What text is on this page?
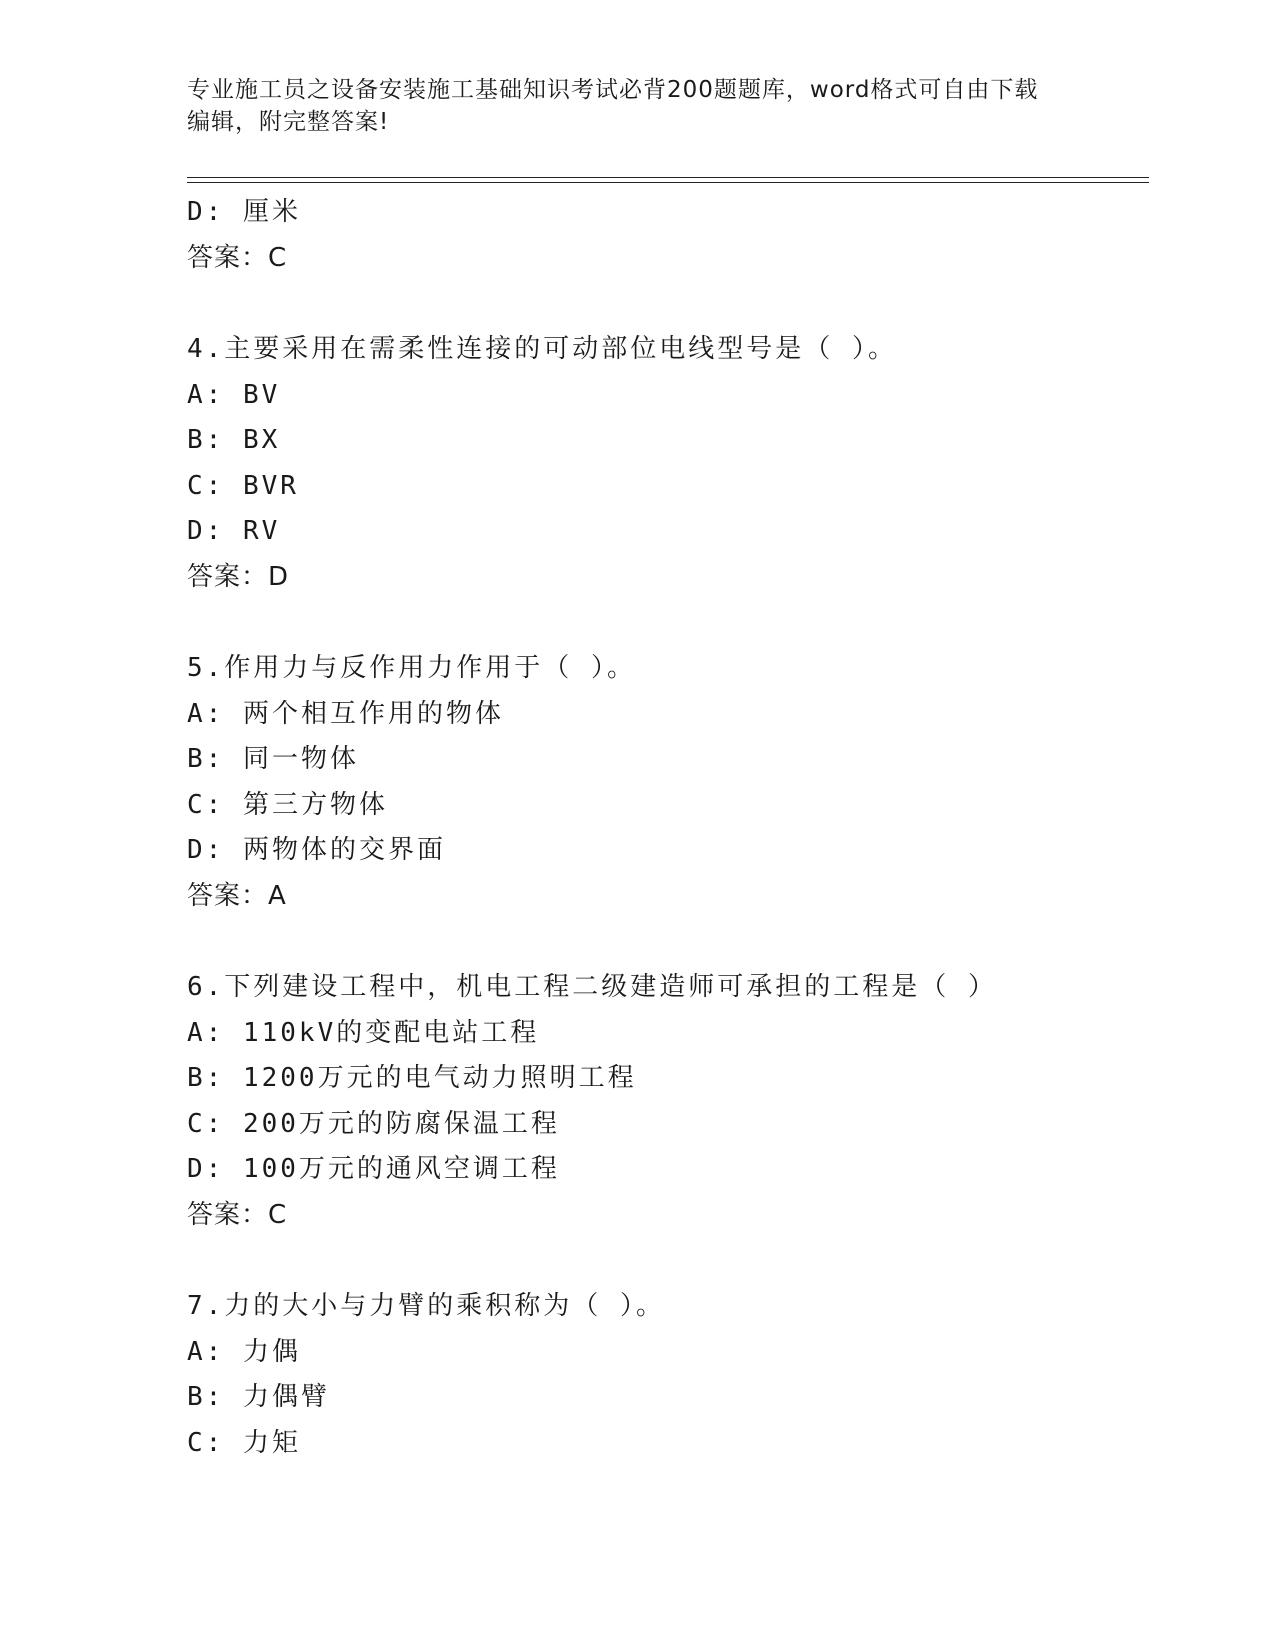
专业施工员之设备安装施工基础知识考试必背200题题库，word格式可自由下载
编辑，附完整答案!
D: 厘米
答案：C
4.主要采用在需柔性连接的可动部位电线型号是（ ）。
A: BV
B: BX
C: BVR
D: RV
答案：D
5.作用力与反作用力作用于（ ）。
A: 两个相互作用的物体
B: 同一物体
C: 第三方物体
D: 两物体的交界面
答案：A
6.下列建设工程中，机电工程二级建造师可承担的工程是（ ）
A: 110kV的变配电站工程
B: 1200万元的电气动力照明工程
C: 200万元的防腐保温工程
D: 100万元的通风空调工程
答案：C
7.力的大小与力臂的乘积称为（ ）。
A: 力偶
B: 力偶臂
C: 力矩
